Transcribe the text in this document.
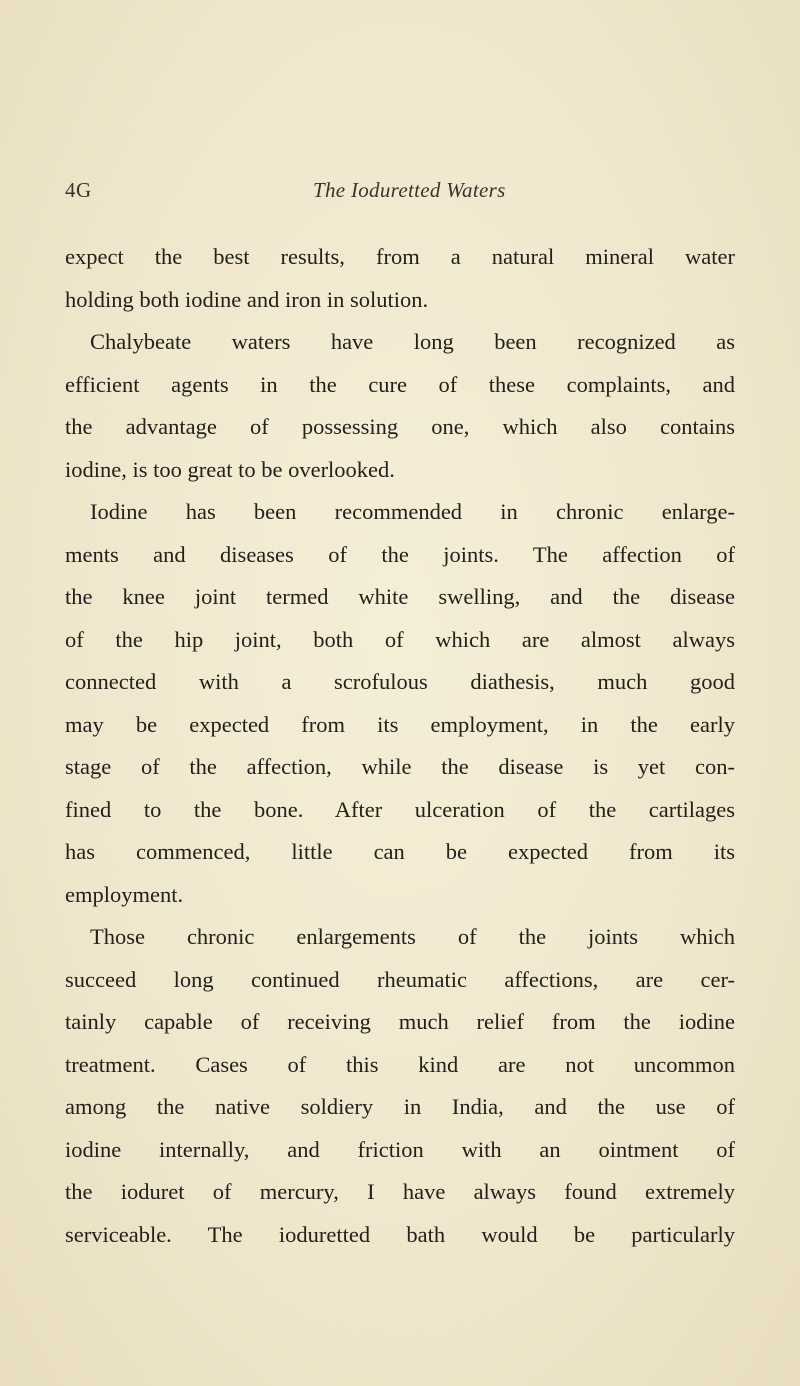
4G	The Ioduretted Waters
expect the best results, from a natural mineral water
holding both iodine and iron in solution.
Chalybeate waters have long been recognized as
efficient agents in the cure of these complaints, and
the advantage of possessing one, which also contains
iodine, is too great to be overlooked.
Iodine has been recommended in chronic enlarge-
ments and diseases of the joints. The affection of
the knee joint termed white swelling, and the disease
of the hip joint, both of which are almost always
connected with a scrofulous diathesis, much good
may be expected from its employment, in the early
stage of the affection, while the disease is yet con-
fined to the bone. After ulceration of the cartilages
has commenced, little can be expected from its
employment.
Those chronic enlargements of the joints which
succeed long continued rheumatic affections, are cer-
tainly capable of receiving much relief from the iodine
treatment. Cases of this kind are not uncommon
among the native soldiery in India, and the use of
iodine internally, and friction with an ointment of
the ioduret of mercury, I have always found extremely
serviceable. The ioduretted bath would be particularly
